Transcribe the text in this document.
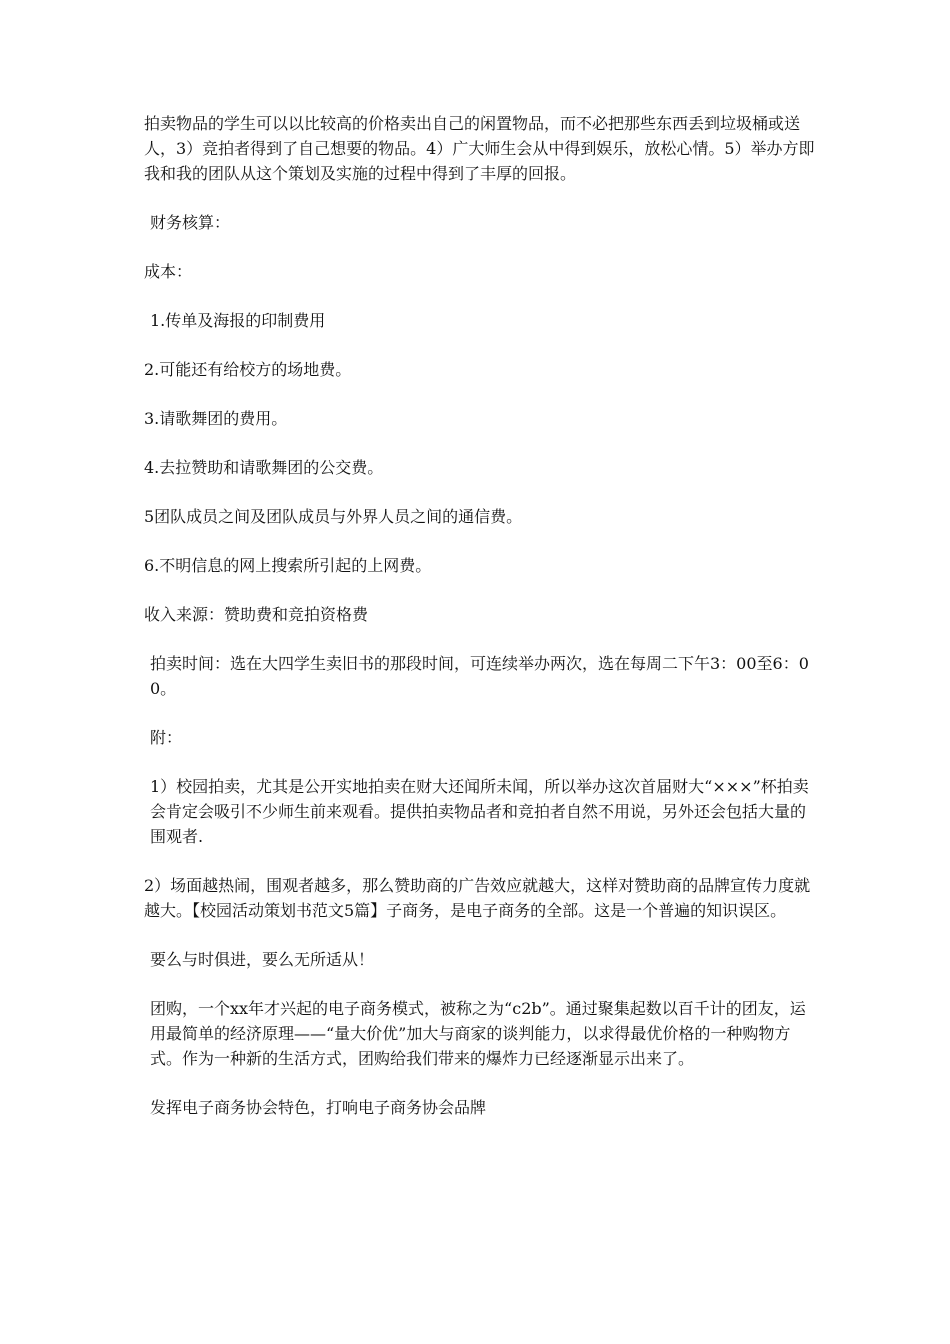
拍卖物品的学生可以以比较高的价格卖出自己的闲置物品，而不必把那些东西丢到垃圾桶或送人，3）竞拍者得到了自己想要的物品。4）广大师生会从中得到娱乐，放松心情。5）举办方即我和我的团队从这个策划及实施的过程中得到了丰厚的回报。

财务核算：

成本：

1.传单及海报的印制费用

2.可能还有给校方的场地费。

3.请歌舞团的费用。

4.去拉赞助和请歌舞团的公交费。

5团队成员之间及团队成员与外界人员之间的通信费。

6.不明信息的网上搜索所引起的上网费。

收入来源：赞助费和竞拍资格费

拍卖时间：选在大四学生卖旧书的那段时间，可连续举办两次，选在每周二下午3：00至6：00。

附：

1）校园拍卖，尤其是公开实地拍卖在财大还闻所未闻，所以举办这次首届财大“×××”杯拍卖会肯定会吸引不少师生前来观看。提供拍卖物品者和竞拍者自然不用说，另外还会包括大量的围观者.

2）场面越热闹，围观者越多，那么赞助商的广告效应就越大，这样对赞助商的品牌宣传力度就越大。【校园活动策划书范文5篇】子商务，是电子商务的全部。这是一个普遍的知识误区。

要么与时俱进，要么无所适从！

团购，一个xx年才兴起的电子商务模式，被称之为“c2b”。通过聚集起数以百千计的团友，运用最简单的经济原理——“量大价优”加大与商家的谈判能力，以求得最优价格的一种购物方式。作为一种新的生活方式，团购给我们带来的爆炸力已经逐渐显示出来了。

发挥电子商务协会特色，打响电子商务协会品牌
